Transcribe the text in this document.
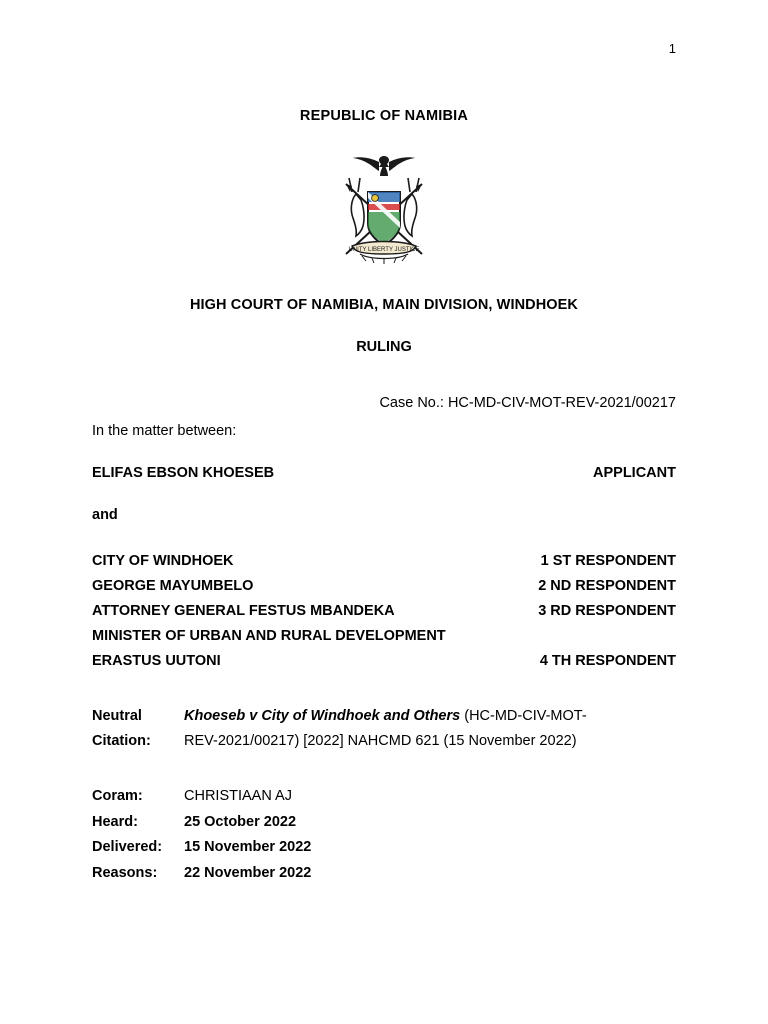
1
REPUBLIC OF NAMIBIA
UNITY LIBERTY JUSTICE
HIGH COURT OF NAMIBIA, MAIN DIVISION, WINDHOEK
RULING
Case No.: HC-MD-CIV-MOT-REV-2021/00217
In the matter between:
ELIFAS EBSON KHOESEB	APPLICANT
and
CITY OF WINDHOEK	1 ST RESPONDENT
GEORGE MAYUMBELO	2 ND RESPONDENT
ATTORNEY GENERAL FESTUS MBANDEKA	3 RD RESPONDENT
MINISTER OF URBAN AND RURAL DEVELOPMENT
ERASTUS UUTONI	4 TH RESPONDENT
Neutral Citation:
Khoeseb v City of Windhoek and Others (HC-MD-CIV-MOT-
REV-2021/00217) [2022] NAHCMD 621 (15 November 2022)
Coram:	CHRISTIAAN AJ
Heard:	25 October 2022
Delivered:	15 November 2022
Reasons:	22 November 2022
